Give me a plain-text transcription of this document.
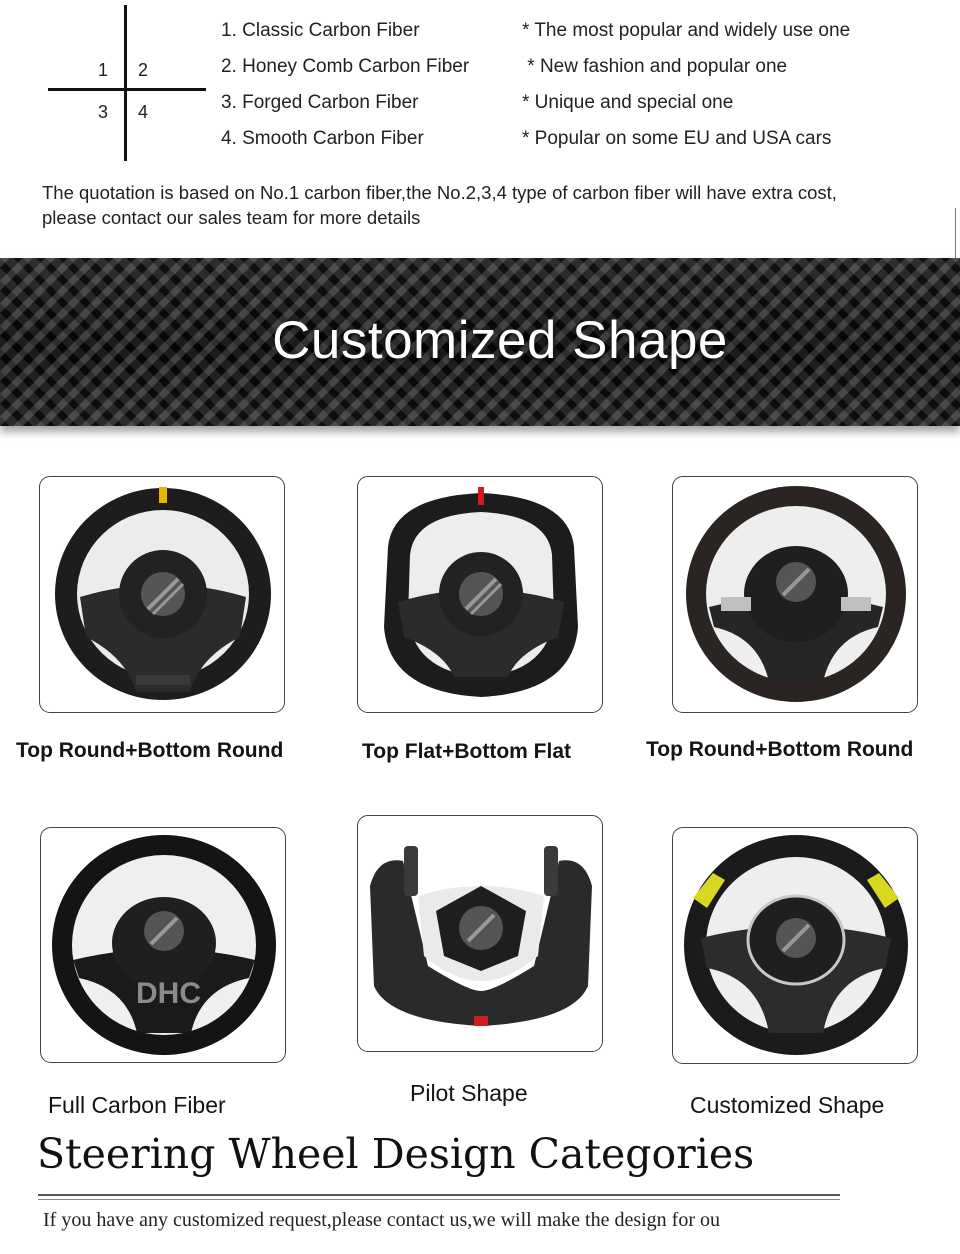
1 2
3 4
1. Classic Carbon Fiber	* The most popular and widely use one
2. Honey Comb Carbon Fiber	* New fashion and popular one
3. Forged Carbon Fiber	* Unique and special one
4. Smooth Carbon Fiber	* Popular on some EU and USA cars
The quotation is based on No.1 carbon fiber,the No.2,3,4 type of carbon fiber will have extra cost,
please contact our sales team for more details
Customized Shape
Top Round+Bottom Round	Top Flat+Bottom Flat	Top Round+Bottom Round
DHC
Full Carbon Fiber	Pilot Shape	Customized Shape
Steering Wheel Design Categories
If you have any customized request,please contact us,we will make the design for ou
